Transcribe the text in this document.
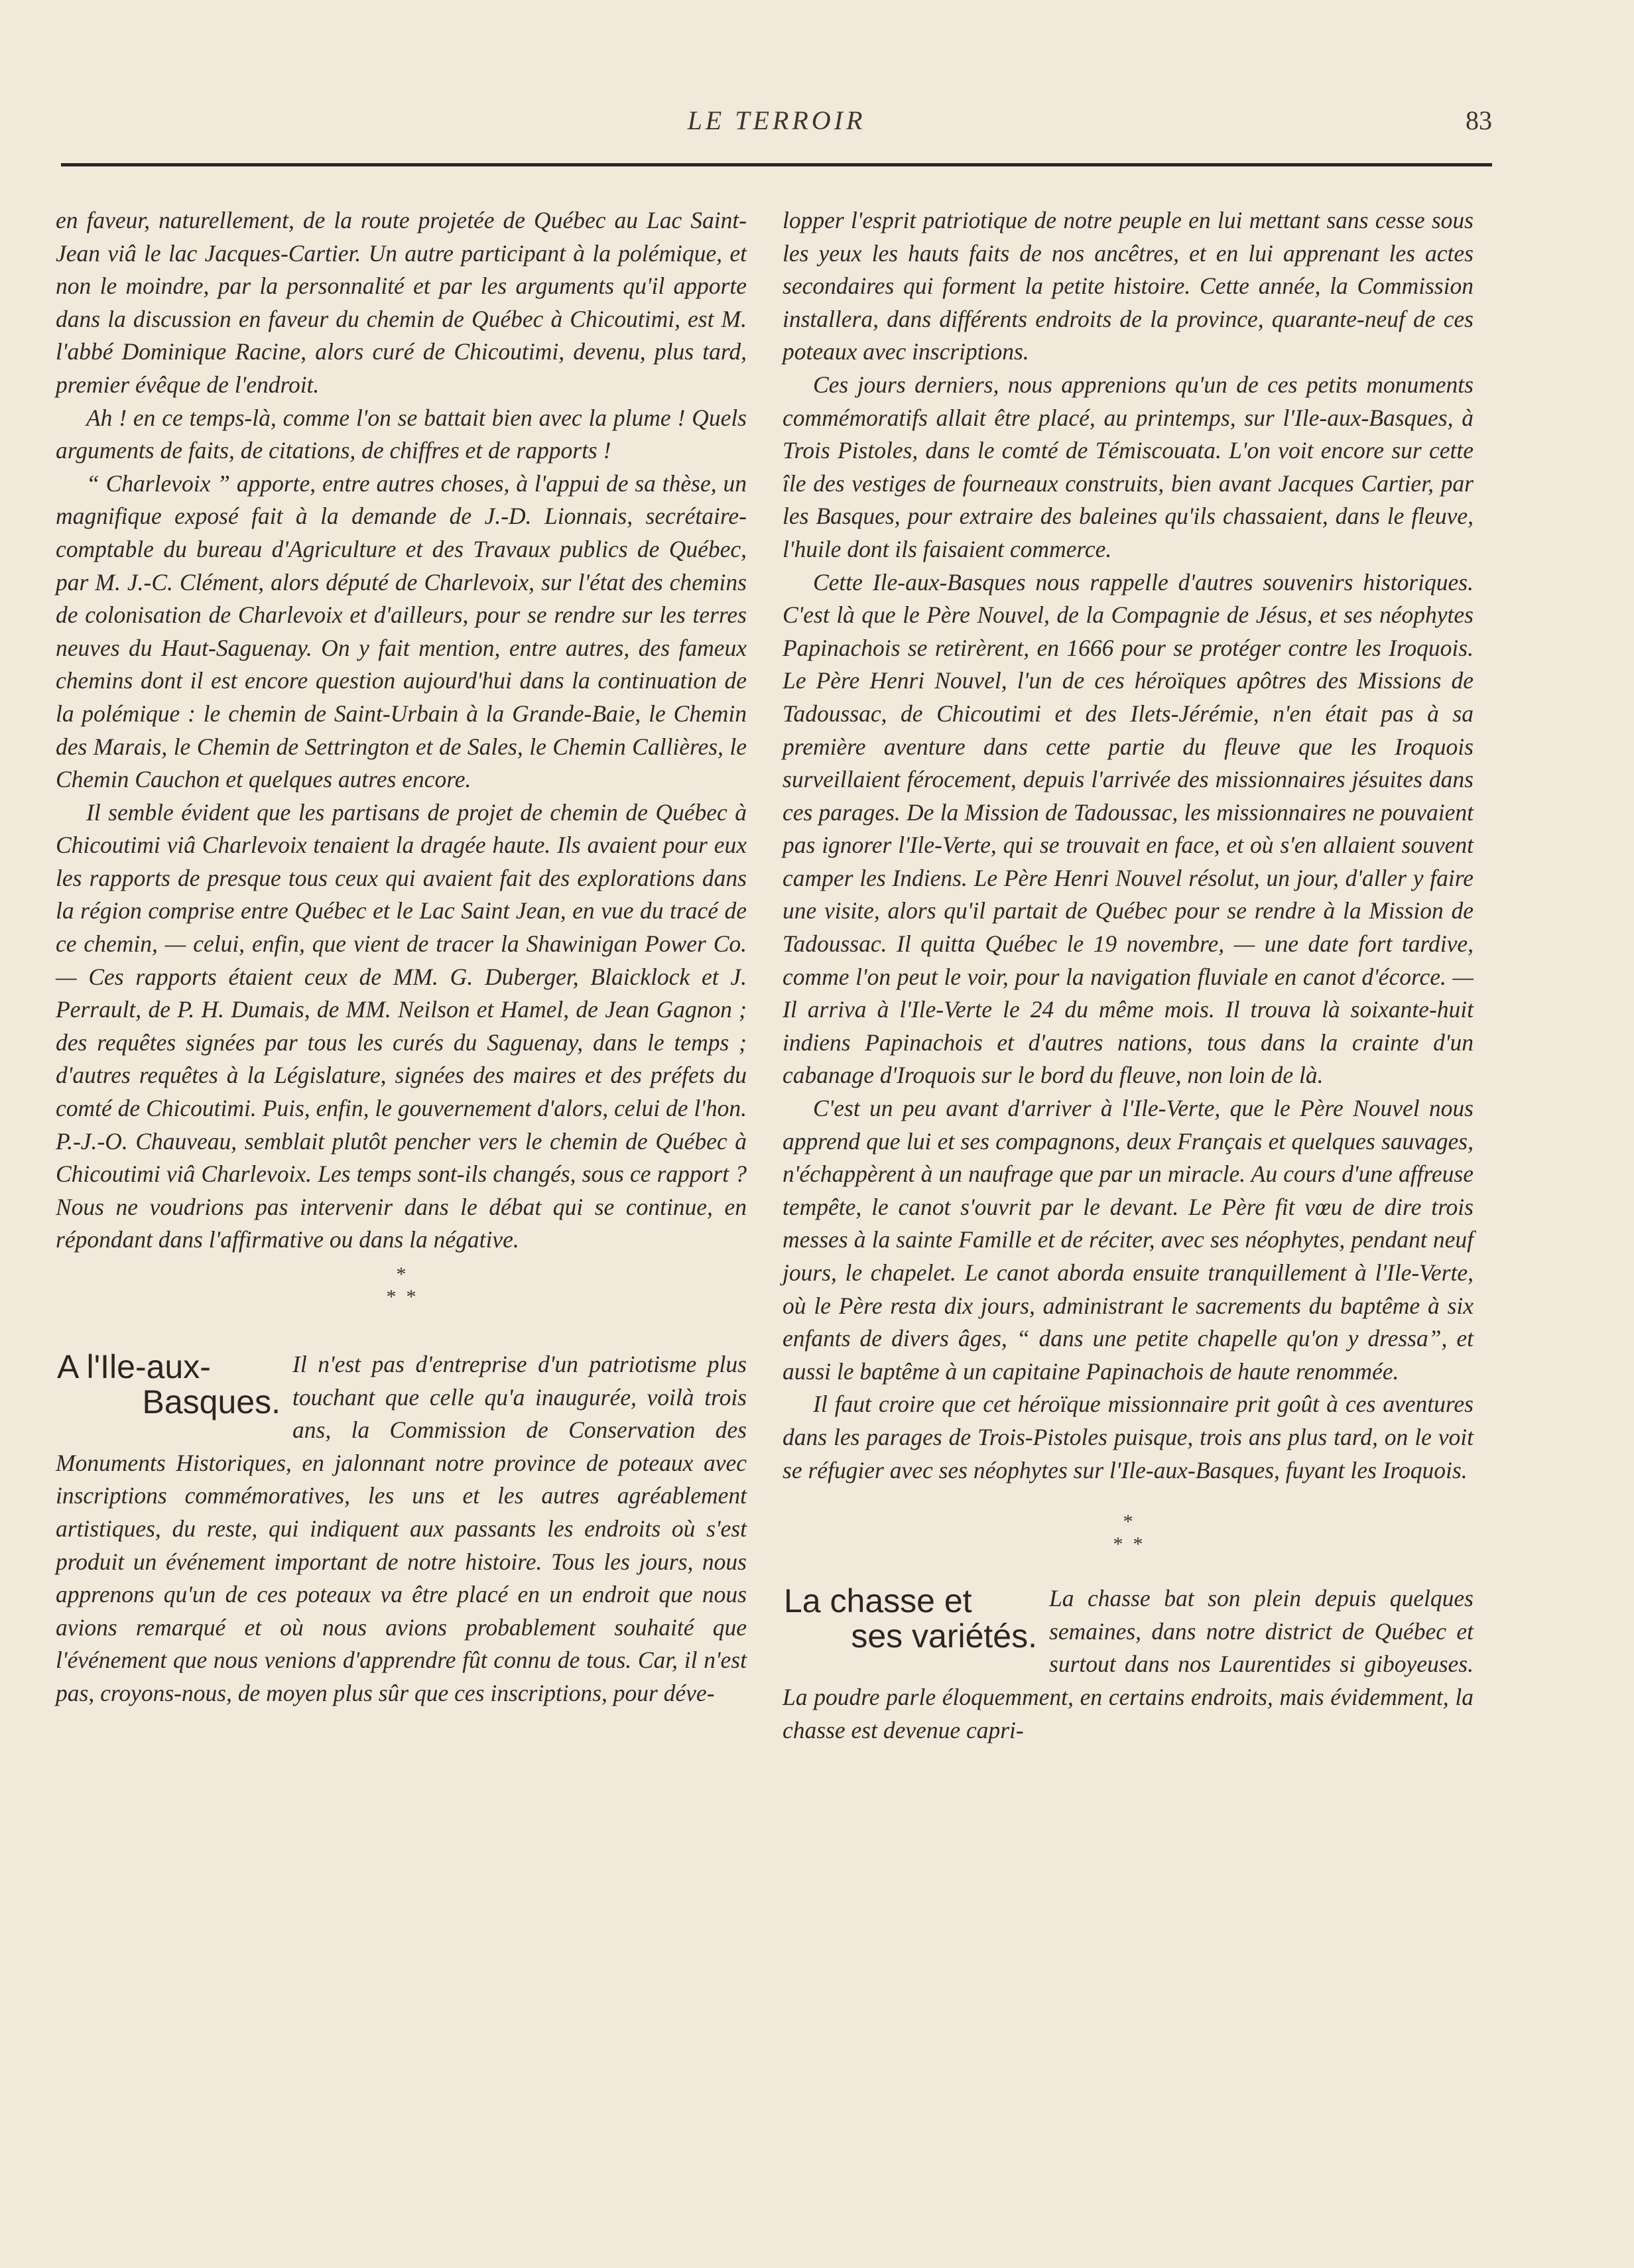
LE TERROIR	83

en faveur, naturellement, de la route projetée de Québec au Lac Saint-Jean viâ le lac Jacques-Cartier. Un autre participant à la polémique, et non le moindre, par la personnalité et par les arguments qu'il apporte dans la discussion en faveur du chemin de Québec à Chicoutimi, est M. l'abbé Dominique Racine, alors curé de Chicoutimi, devenu, plus tard, premier évêque de l'endroit.

Ah ! en ce temps-là, comme l'on se battait bien avec la plume ! Quels arguments de faits, de citations, de chiffres et de rapports !

“ Charlevoix ” apporte, entre autres choses, à l'appui de sa thèse, un magnifique exposé fait à la demande de J.-D. Lionnais, secrétaire-comptable du bureau d'Agriculture et des Travaux publics de Québec, par M. J.-C. Clément, alors député de Charlevoix, sur l'état des chemins de colonisation de Charlevoix et d'ailleurs, pour se rendre sur les terres neuves du Haut-Saguenay. On y fait mention, entre autres, des fameux chemins dont il est encore question aujourd'hui dans la continuation de la polémique : le chemin de Saint-Urbain à la Grande-Baie, le Chemin des Marais, le Chemin de Settrington et de Sales, le Chemin Callières, le Chemin Cauchon et quelques autres encore.

Il semble évident que les partisans de projet de chemin de Québec à Chicoutimi viâ Charlevoix tenaient la dragée haute. Ils avaient pour eux les rapports de presque tous ceux qui avaient fait des explorations dans la région comprise entre Québec et le Lac Saint Jean, en vue du tracé de ce chemin, — celui, enfin, que vient de tracer la Shawinigan Power Co. — Ces rapports étaient ceux de MM. G. Duberger, Blaicklock et J. Perrault, de P. H. Dumais, de MM. Neilson et Hamel, de Jean Gagnon ; des requêtes signées par tous les curés du Saguenay, dans le temps ; d'autres requêtes à la Législature, signées des maires et des préfets du comté de Chicoutimi. Puis, enfin, le gouvernement d'alors, celui de l'hon. P.-J.-O. Chauveau, semblait plutôt pencher vers le chemin de Québec à Chicoutimi viâ Charlevoix. Les temps sont-ils changés, sous ce rapport ? Nous ne voudrions pas intervenir dans le débat qui se continue, en répondant dans l'affirmative ou dans la négative.

*
*  *
A l'Ile-aux-
Basques.

Il n'est pas d'entreprise d'un patriotisme plus touchant que celle qu'a inaugurée, voilà trois ans, la Commission de Conservation des Monuments Historiques, en jalonnant notre province de poteaux avec inscriptions commémoratives, les uns et les autres agréablement artistiques, du reste, qui indiquent aux passants les endroits où s'est produit un événement important de notre histoire. Tous les jours, nous apprenons qu'un de ces poteaux va être placé en un endroit que nous avions remarqué et où nous avions probablement souhaité que l'événement que nous venions d'apprendre fût connu de tous. Car, il n'est pas, croyons-nous, de moyen plus sûr que ces inscriptions, pour déve-

lopper l'esprit patriotique de notre peuple en lui mettant sans cesse sous les yeux les hauts faits de nos ancêtres, et en lui apprenant les actes secondaires qui forment la petite histoire. Cette année, la Commission installera, dans différents endroits de la province, quarante-neuf de ces poteaux avec inscriptions.

Ces jours derniers, nous apprenions qu'un de ces petits monuments commémoratifs allait être placé, au printemps, sur l'Ile-aux-Basques, à Trois Pistoles, dans le comté de Témiscouata. L'on voit encore sur cette île des vestiges de fourneaux construits, bien avant Jacques Cartier, par les Basques, pour extraire des baleines qu'ils chassaient, dans le fleuve, l'huile dont ils faisaient commerce.

Cette Ile-aux-Basques nous rappelle d'autres souvenirs historiques. C'est là que le Père Nouvel, de la Compagnie de Jésus, et ses néophytes Papinachois se retirèrent, en 1666 pour se protéger contre les Iroquois. Le Père Henri Nouvel, l'un de ces héroïques apôtres des Missions de Tadoussac, de Chicoutimi et des Ilets-Jérémie, n'en était pas à sa première aventure dans cette partie du fleuve que les Iroquois surveillaient férocement, depuis l'arrivée des missionnaires jésuites dans ces parages. De la Mission de Tadoussac, les missionnaires ne pouvaient pas ignorer l'Ile-Verte, qui se trouvait en face, et où s'en allaient souvent camper les Indiens. Le Père Henri Nouvel résolut, un jour, d'aller y faire une visite, alors qu'il partait de Québec pour se rendre à la Mission de Tadoussac. Il quitta Québec le 19 novembre, — une date fort tardive, comme l'on peut le voir, pour la navigation fluviale en canot d'écorce. — Il arriva à l'Ile-Verte le 24 du même mois. Il trouva là soixante-huit indiens Papinachois et d'autres nations, tous dans la crainte d'un cabanage d'Iroquois sur le bord du fleuve, non loin de là.

C'est un peu avant d'arriver à l'Ile-Verte, que le Père Nouvel nous apprend que lui et ses compagnons, deux Français et quelques sauvages, n'échappèrent à un naufrage que par un miracle. Au cours d'une affreuse tempête, le canot s'ouvrit par le devant. Le Père fit vœu de dire trois messes à la sainte Famille et de réciter, avec ses néophytes, pendant neuf jours, le chapelet. Le canot aborda ensuite tranquillement à l'Ile-Verte, où le Père resta dix jours, administrant le sacrements du baptême à six enfants de divers âges, “ dans une petite chapelle qu'on y dressa”, et aussi le baptême à un capitaine Papinachois de haute renommée.

Il faut croire que cet héroïque missionnaire prit goût à ces aventures dans les parages de Trois-Pistoles puisque, trois ans plus tard, on le voit se réfugier avec ses néophytes sur l'Ile-aux-Basques, fuyant les Iroquois.

*
*  *
La chasse et
ses variétés.

La chasse bat son plein depuis quelques semaines, dans notre district de Québec et surtout dans nos Laurentides si giboyeuses. La poudre parle éloquemment, en certains endroits, mais évidemment, la chasse est devenue capri-
